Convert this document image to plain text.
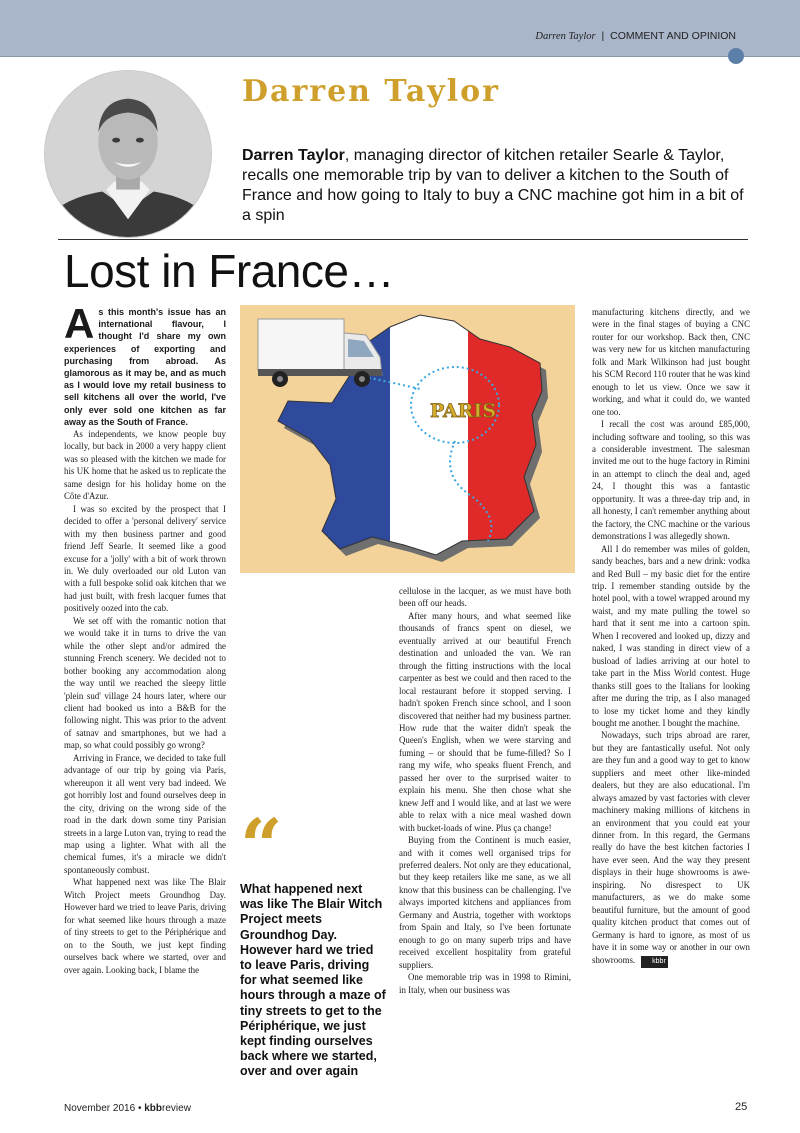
Darren Taylor | COMMENT AND OPINION
Darren Taylor
Darren Taylor, managing director of kitchen retailer Searle & Taylor, recalls one memorable trip by van to deliver a kitchen to the South of France and how going to Italy to buy a CNC machine got him in a bit of a spin
Lost in France…

As this month's issue has an international flavour, I thought I'd share my own experiences of exporting and purchasing from abroad. As glamorous as it may be, and as much as I would love my retail business to sell kitchens all over the world, I've only ever sold one kitchen as far away as the South of France.

As independents, we know people buy locally, but back in 2000 a very happy client was so pleased with the kitchen we made for his UK home that he asked us to replicate the same design for his holiday home on the Côte d'Azur.

I was so excited by the prospect that I decided to offer a 'personal delivery' service with my then business partner and good friend Jeff Searle. It seemed like a good excuse for a 'jolly' with a bit of work thrown in. We duly overloaded our old Luton van with a full bespoke solid oak kitchen that we had just built, with fresh lacquer fumes that positively oozed into the cab.

We set off with the romantic notion that we would take it in turns to drive the van while the other slept and/or admired the stunning French scenery. We decided not to bother booking any accommodation along the way until we reached the sleepy little 'plein sud' village 24 hours later, where our client had booked us into a B&B for the following night. This was prior to the advent of satnav and smartphones, but we had a map, so what could possibly go wrong?

Arriving in France, we decided to take full advantage of our trip by going via Paris, whereupon it all went very bad indeed. We got horribly lost and found ourselves deep in the city, driving on the wrong side of the road in the dark down some tiny Parisian streets in a large Luton van, trying to read the map using a lighter. What with all the chemical fumes, it's a miracle we didn't spontaneously combust.

What happened next was like The Blair Witch Project meets Groundhog Day. However hard we tried to leave Paris, driving for what seemed like hours through a maze of tiny streets to get to the Périphérique and on to the South, we just kept finding ourselves back where we started, over and over again. Looking back, I blame the

PARIS
“
What happened next was like The Blair Witch Project meets Groundhog Day. However hard we tried to leave Paris, driving for what seemed like hours through a maze of tiny streets to get to the Périphérique, we just kept finding ourselves back where we started, over and over again

cellulose in the lacquer, as we must have both been off our heads.

After many hours, and what seemed like thousands of francs spent on diesel, we eventually arrived at our beautiful French destination and unloaded the van. We ran through the fitting instructions with the local carpenter as best we could and then raced to the local restaurant before it stopped serving. I hadn't spoken French since school, and I soon discovered that neither had my business partner. How rude that the waiter didn't speak the Queen's English, when we were starving and fuming – or should that be fume-filled? So I rang my wife, who speaks fluent French, and passed her over to the surprised waiter to explain his menu. She then chose what she knew Jeff and I would like, and at last we were able to relax with a nice meal washed down with bucket-loads of wine. Plus ça change!

Buying from the Continent is much easier, and with it comes well organised trips for preferred dealers. Not only are they educational, but they keep retailers like me sane, as we all know that this business can be challenging. I've always imported kitchens and appliances from Germany and Austria, together with worktops from Spain and Italy, so I've been fortunate enough to go on many superb trips and have received excellent hospitality from grateful suppliers.

One memorable trip was in 1998 to Rimini, in Italy, when our business was

manufacturing kitchens directly, and we were in the final stages of buying a CNC router for our workshop. Back then, CNC was very new for us kitchen manufacturing folk and Mark Wilkinson had just bought his SCM Record 110 router that he was kind enough to let us view. Once we saw it working, and what it could do, we wanted one too.

I recall the cost was around £85,000, including software and tooling, so this was a considerable investment. The salesman invited me out to the huge factory in Rimini in an attempt to clinch the deal and, aged 24, I thought this was a fantastic opportunity. It was a three-day trip and, in all honesty, I can't remember anything about the factory, the CNC machine or the various demonstrations I was allegedly shown.

All I do remember was miles of golden, sandy beaches, bars and a new drink: vodka and Red Bull – my basic diet for the entire trip. I remember standing outside by the hotel pool, with a towel wrapped around my waist, and my mate pulling the towel so hard that it sent me into a cartoon spin. When I recovered and looked up, dizzy and naked, I was standing in direct view of a busload of ladies arriving at our hotel to take part in the Miss World contest. Huge thanks still goes to the Italians for looking after me during the trip, as I also managed to lose my ticket home and they kindly bought me another. I bought the machine.

Nowadays, such trips abroad are rarer, but they are fantastically useful. Not only are they fun and a good way to get to know suppliers and meet other like-minded dealers, but they are also educational. I'm always amazed by vast factories with clever machinery making millions of kitchens in an environment that you could eat your dinner from. In this regard, the Germans really do have the best kitchen factories I have ever seen. And the way they present displays in their huge showrooms is awe-inspiring. No disrespect to UK manufacturers, as we do make some beautiful furniture, but the amount of good quality kitchen product that comes out of Germany is hard to ignore, as most of us have it in some way or another in our own showrooms. kbbr

November 2016 • kbbreview	25
